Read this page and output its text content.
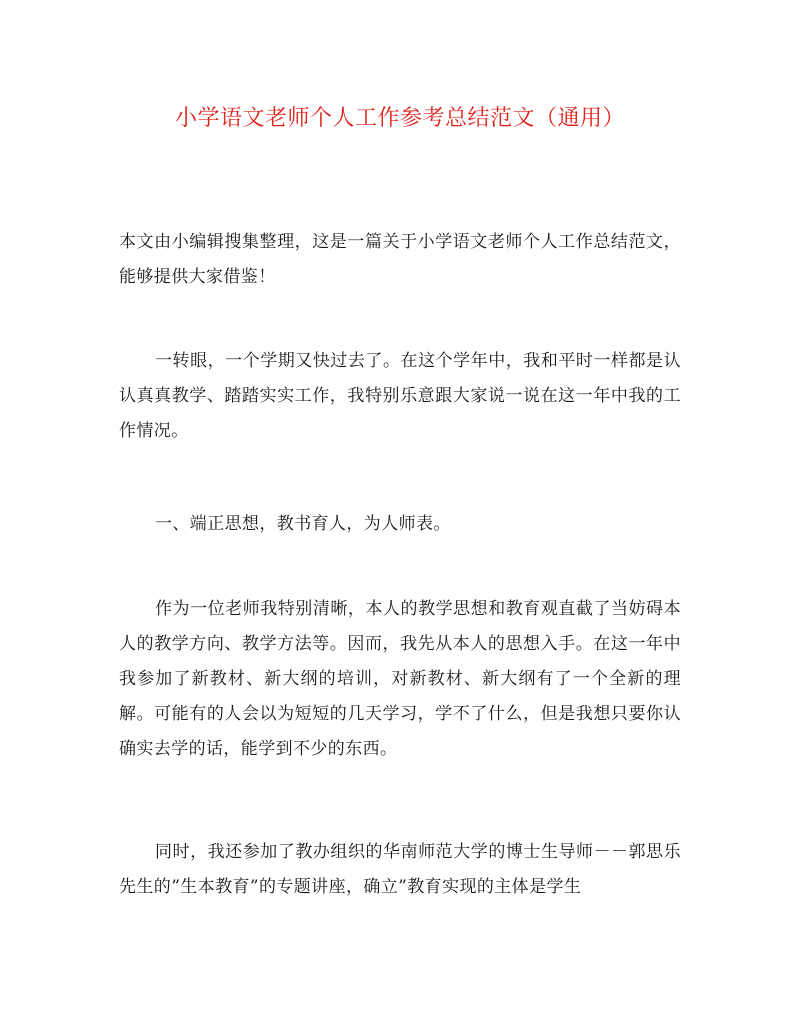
小学语文老师个人工作参考总结范文（通用）

本文由小编辑搜集整理，这是一篇关于小学语文老师个人工作总结范文，能够提供大家借鉴！

一转眼，一个学期又快过去了。在这个学年中，我和平时一样都是认认真真教学、踏踏实实工作，我特别乐意跟大家说一说在这一年中我的工作情况。

一、端正思想，教书育人，为人师表。

作为一位老师我特别清晰，本人的教学思想和教育观直截了当妨碍本人的教学方向、教学方法等。因而，我先从本人的思想入手。在这一年中我参加了新教材、新大纲的培训，对新教材、新大纲有了一个全新的理解。可能有的人会以为短短的几天学习，学不了什么，但是我想只要你认确实去学的话，能学到不少的东西。

同时，我还参加了教办组织的华南师范大学的博士生导师－－郭思乐先生的”生本教育”的专题讲座，确立”教育实现的主体是学生
